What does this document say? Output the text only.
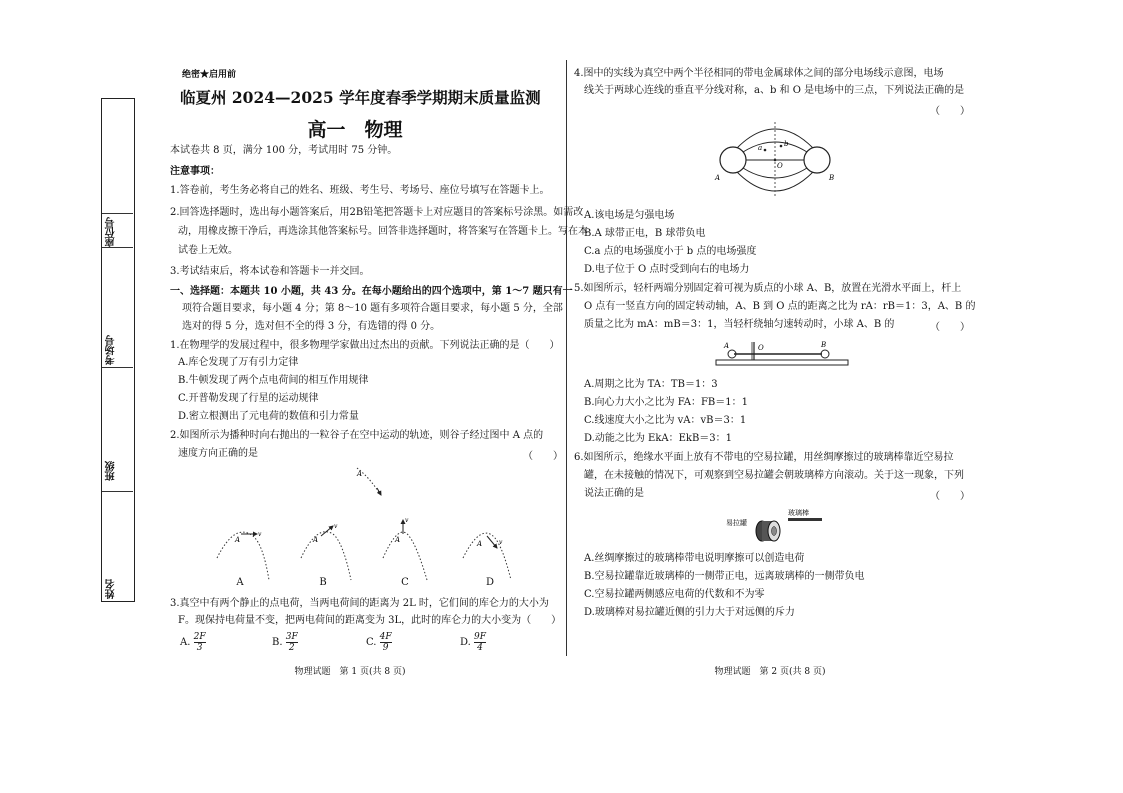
座位号
考场号
班级
姓名
绝密★启用前
临夏州 2024—2025 学年度春季学期期末质量监测
高一　物理
本试卷共 8 页，满分 100 分，考试用时 75 分钟。
注意事项：
1.答卷前，考生务必将自己的姓名、班级、考生号、考场号、座位号填写在答题卡上。
2.回答选择题时，选出每小题答案后，用2B铅笔把答题卡上对应题目的答案标号涂黑。如需改
动，用橡皮擦干净后，再选涂其他答案标号。回答非选择题时，将答案写在答题卡上。写在本
试卷上无效。
3.考试结束后，将本试卷和答题卡一并交回。
一、选择题：本题共 10 小题，共 43 分。在每小题给出的四个选项中，第 1～7 题只有一
项符合题目要求，每小题 4 分；第 8～10 题有多项符合题目要求，每小题 5 分，全部
选对的得 5 分，选对但不全的得 3 分，有选错的得 0 分。
1.在物理学的发展过程中，很多物理学家做出过杰出的贡献。下列说法正确的是（　　）
A.库仑发现了万有引力定律
B.牛顿发现了两个点电荷间的相互作用规律
C.开普勒发现了行星的运动规律
D.密立根测出了元电荷的数值和引力常量
2.如图所示为播种时向右抛出的一粒谷子在空中运动的轨迹，则谷子经过图中 A 点的
速度方向正确的是	（　　）
A
v
A
v
A
v
A	v
A
A	B	C	D
3.真空中有两个静止的点电荷，当两电荷间的距离为 2L 时，它们间的库仑力的大小为
F。现保持电荷量不变，把两电荷间的距离变为 3L，此时的库仑力的大小变为（　　）
A. $\frac{2F}{3}$	B. $\frac{3F}{2}$	C. $\frac{4F}{9}$	D. $\frac{9F}{4}$
物理试题　第 1 页(共 8 页)
4.图中的实线为真空中两个半径相同的带电金属球体之间的部分电场线示意图，电场
线关于两球心连线的垂直平分线对称，a、b 和 O 是电场中的三点，下列说法正确的是
（　　）
O
a	b
A	B
A.该电场是匀强电场
B.A 球带正电，B 球带负电
C.a 点的电场强度小于 b 点的电场强度
D.电子位于 O 点时受到向右的电场力
5.如图所示，轻杆两端分别固定着可视为质点的小球 A、B，放置在光滑水平面上，杆上
O 点有一竖直方向的固定转动轴，A、B 到 O 点的距离之比为 rA：rB＝1：3，A、B 的
质量之比为 mA：mB＝3：1，当轻杆绕轴匀速转动时，小球 A、B 的	（　　）
A	O	B
A.周期之比为 TA：TB＝1：3
B.向心力大小之比为 FA：FB＝1：1
C.线速度大小之比为 vA：vB＝3：1
D.动能之比为 EkA：EkB＝3：1
6.如图所示，绝缘水平面上放有不带电的空易拉罐，用丝绸摩擦过的玻璃棒靠近空易拉
罐，在未接触的情况下，可观察到空易拉罐会朝玻璃棒方向滚动。关于这一现象，下列
说法正确的是	（　　）
易拉罐
玻璃棒
A.丝绸摩擦过的玻璃棒带电说明摩擦可以创造电荷
B.空易拉罐靠近玻璃棒的一侧带正电，远离玻璃棒的一侧带负电
C.空易拉罐两侧感应电荷的代数和不为零
D.玻璃棒对易拉罐近侧的引力大于对远侧的斥力
物理试题　第 2 页(共 8 页)
